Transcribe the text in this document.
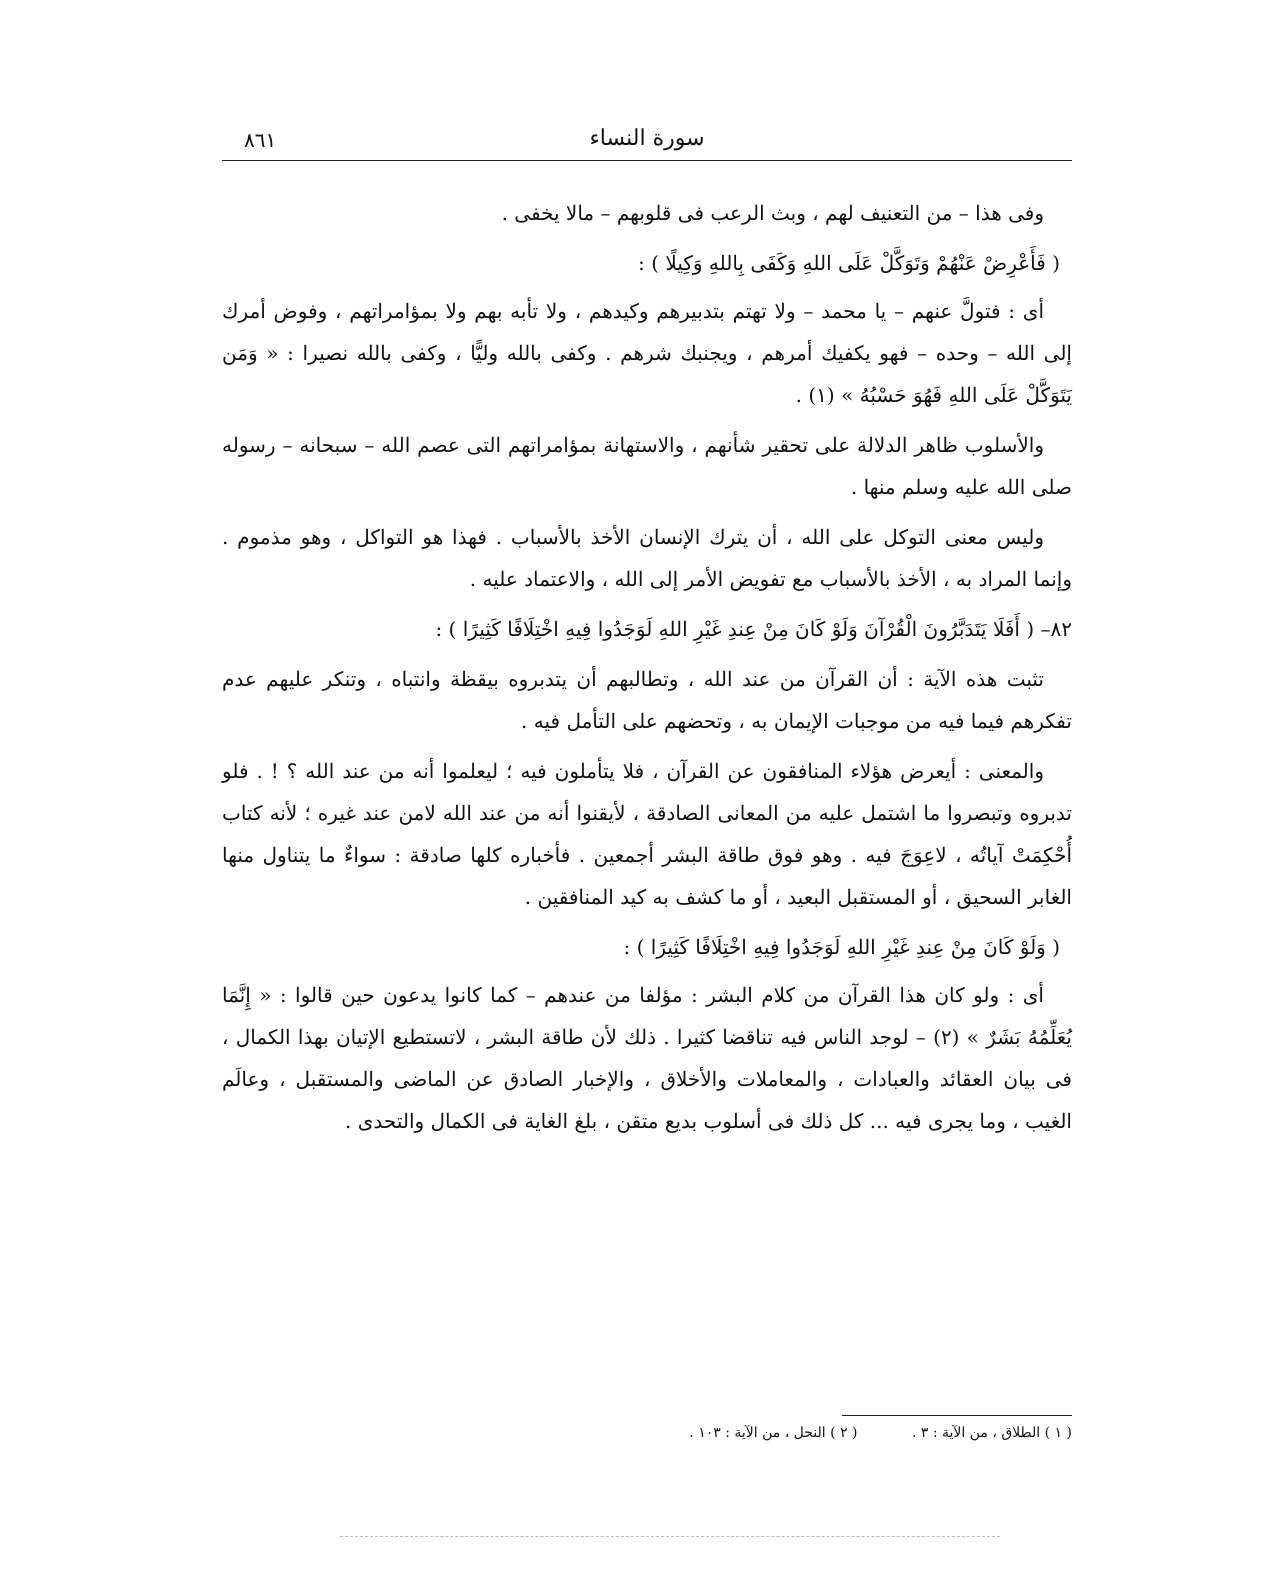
سورة النساء
٨٦١

وفى هذا – من التعنيف لهم ، وبث الرعب فى قلوبهم – مالا يخفى .

( فَأَعْرِضْ عَنْهُمْ وَتَوَكَّلْ عَلَى اللهِ وَكَفَى بِاللهِ وَكِيلًا ) :

أى : فتولَّ عنهم – يا محمد – ولا تهتم بتدبيرهم وكيدهم ، ولا تأبه بهم ولا بمؤامراتهم ، وفوض أمرك إلى الله – وحده – فهو يكفيك أمرهم ، ويجنبك شرهم . وكفى بالله وليًّا ، وكفى بالله نصيرا : « وَمَن يَتَوَكَّلْ عَلَى اللهِ فَهُوَ حَسْبُهُ » (١) .

والأسلوب ظاهر الدلالة على تحقير شأنهم ، والاستهانة بمؤامراتهم التى عصم الله – سبحانه – رسوله صلى الله عليه وسلم منها .

وليس معنى التوكل على الله ، أن يترك الإنسان الأخذ بالأسباب . فهذا هو التواكل ، وهو مذموم . وإنما المراد به ، الأخذ بالأسباب مع تفويض الأمر إلى الله ، والاعتماد عليه .

٨٢– ( أَفَلَا يَتَدَبَّرُونَ الْقُرْآنَ وَلَوْ كَانَ مِنْ عِندِ غَيْرِ اللهِ لَوَجَدُوا فِيهِ اخْتِلَافًا كَثِيرًا ) :

تثبت هذه الآية : أن القرآن من عند الله ، وتطالبهم أن يتدبروه بيقظة وانتباه ، وتنكر عليهم عدم تفكرهم فيما فيه من موجبات الإيمان به ، وتحضهم على التأمل فيه .

والمعنى : أيعرض هؤلاء المنافقون عن القرآن ، فلا يتأملون فيه ؛ ليعلموا أنه من عند الله ؟ ! . فلو تدبروه وتبصروا ما اشتمل عليه من المعانى الصادقة ، لأيقنوا أنه من عند الله لامن عند غيره ؛ لأنه كتاب أُحْكِمَتْ آياتُه ، لاعِوَجَ فيه . وهو فوق طاقة البشر أجمعين . فأخباره كلها صادقة : سواءٌ ما يتناول منها الغابر السحيق ، أو المستقبل البعيد ، أو ما كشف به كيد المنافقين .

( وَلَوْ كَانَ مِنْ عِندِ غَيْرِ اللهِ لَوَجَدُوا فِيهِ اخْتِلَافًا كَثِيرًا ) :

أى : ولو كان هذا القرآن من كلام البشر : مؤلفا من عندهم – كما كانوا يدعون حين قالوا : « إِنَّمَا يُعَلِّمُهُ بَشَرٌ » (٢) – لوجد الناس فيه تناقضا كثيرا . ذلك لأن طاقة البشر ، لاتستطيع الإتيان بهذا الكمال ، فى بيان العقائد والعبادات ، والمعاملات والأخلاق ، والإخبار الصادق عن الماضى والمستقبل ، وعالَم الغيب ، وما يجرى فيه ... كل ذلك فى أسلوب بديع متقن ، بلغ الغاية فى الكمال والتحدى .

( ١ ) الطلاق ، من الآية : ٣ . ( ٢ ) النحل ، من الآية : ١٠٣ .
